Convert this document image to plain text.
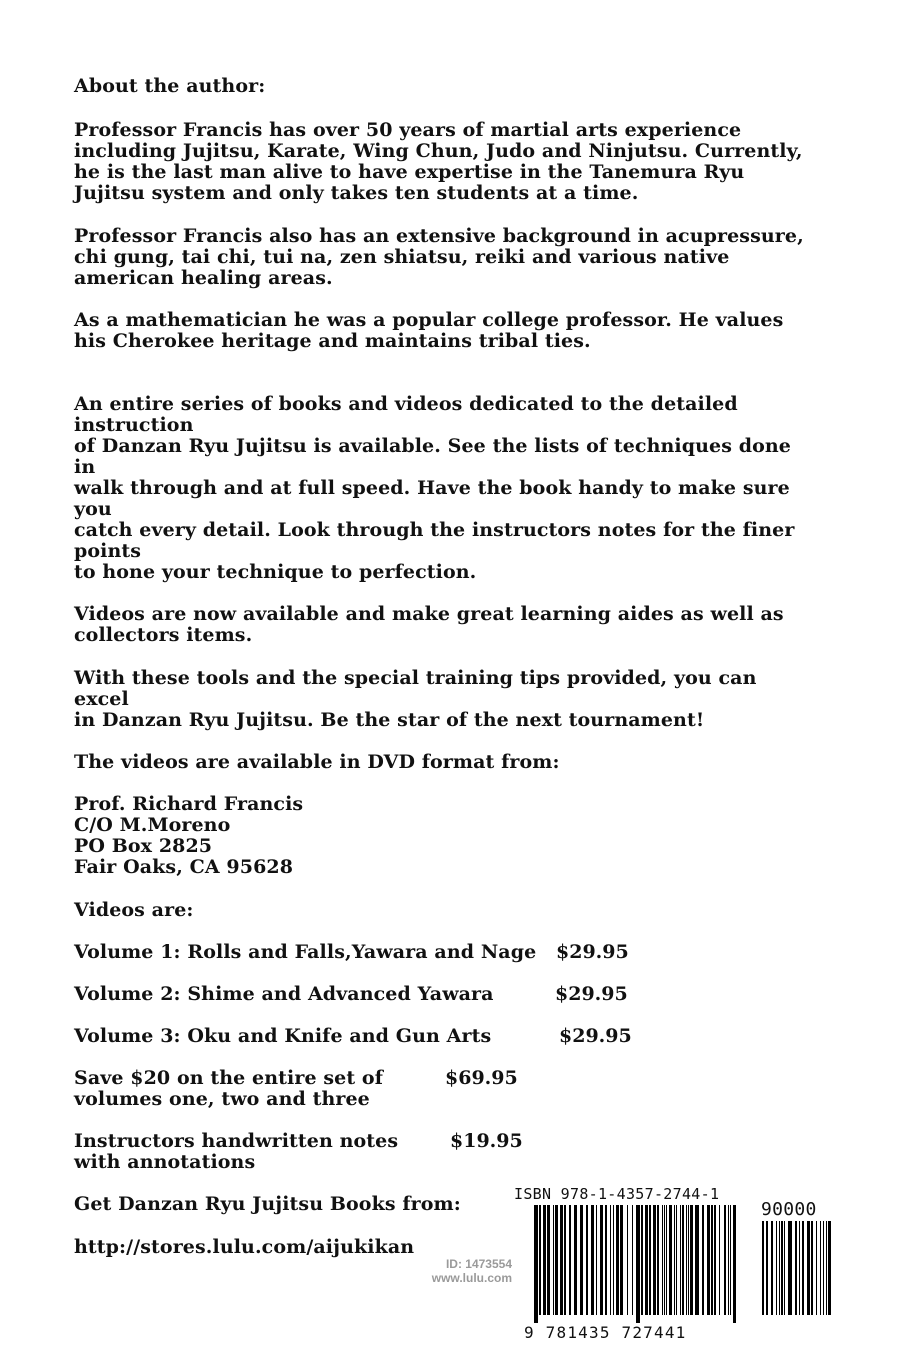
About the author:

Professor Francis has over 50 years of martial arts experience

including Jujitsu, Karate, Wing Chun, Judo and Ninjutsu. Currently,

he is the last man alive to have expertise in the Tanemura Ryu

Jujitsu system and only takes ten students at a time.

Professor Francis also has an extensive background in acupressure,

chi gung, tai chi, tui na, zen shiatsu, reiki and various native

american healing areas.

As a mathematician he was a popular college professor. He values

his Cherokee heritage and maintains tribal ties.

An entire series of books and videos dedicated to the detailed

instruction

of Danzan Ryu Jujitsu is available. See the lists of techniques done

in

walk through and at full speed. Have the book handy to make sure

you

catch every detail. Look through the instructors notes for the finer

points

to hone your technique to perfection.

Videos are now available and make great learning aides as well as

collectors items.

With these tools and the special training tips provided, you can

excel

in Danzan Ryu Jujitsu. Be the star of the next tournament!

The videos are available in DVD format from:

Prof. Richard Francis

C/O M.Moreno

PO Box 2825

Fair Oaks, CA 95628

Videos are:

Volume 1: Rolls and Falls,Yawara and Nage $29.95

Volume 2: Shime and Advanced Yawara	$29.95

Volume 3: Oku and Knife and Gun Arts	$29.95

Save $20 on the entire set of

volumes one, two and three

$69.95

Instructors handwritten notes

with annotations

$19.95

Get Danzan Ryu Jujitsu Books from:

http://stores.lulu.com/aijukikan

ID: 1473554
www.lulu.com
ISBN 978-1-4357-2744-1
90000
9 781435 727441
